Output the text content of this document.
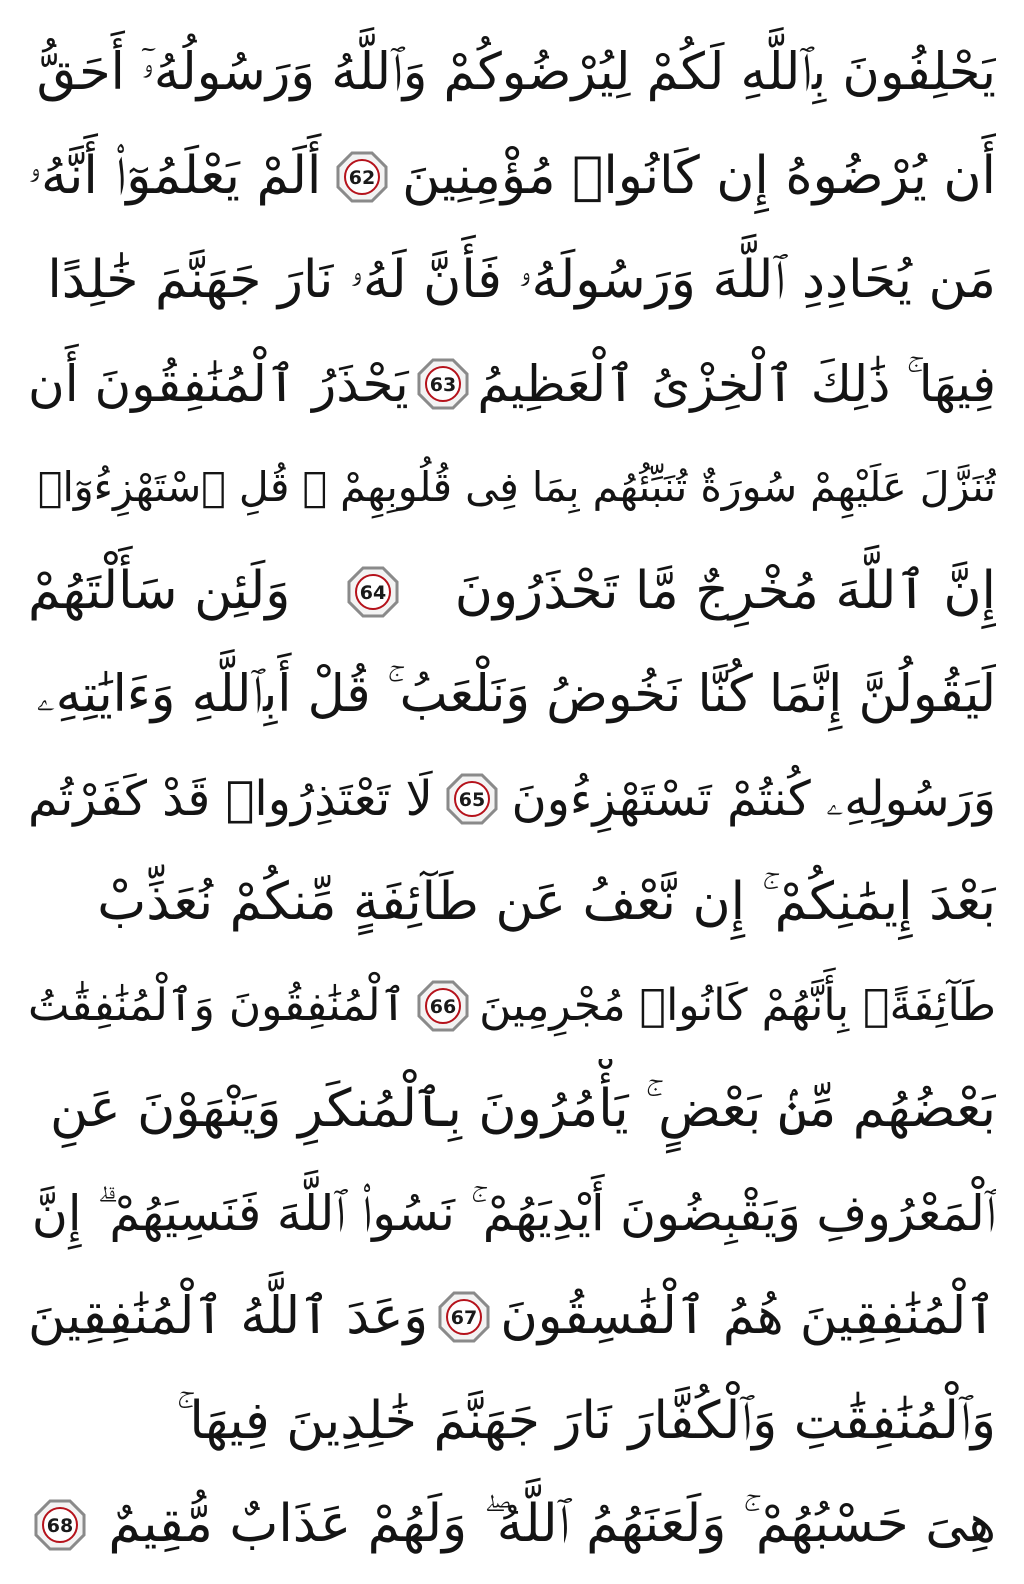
يَحْلِفُونَ بِٱللَّهِ لَكُمْ لِيُرْضُوكُمْ وَٱللَّهُ وَرَسُولُهُۥٓ أَحَقُّ
أَن يُرْضُوهُ إِن كَانُوا۟ مُؤْمِنِينَ
62
أَلَمْ يَعْلَمُوٓا۟ أَنَّهُۥ
مَن يُحَادِدِ ٱللَّهَ وَرَسُولَهُۥ فَأَنَّ لَهُۥ نَارَ جَهَنَّمَ خَٰلِدًا
فِيهَا ۚ ذَٰلِكَ ٱلْخِزْىُ ٱلْعَظِيمُ
63
يَحْذَرُ ٱلْمُنَٰفِقُونَ أَن
تُنَزَّلَ عَلَيْهِمْ سُورَةٌ تُنَبِّئُهُم بِمَا فِى قُلُوبِهِمْ ۚ قُلِ ٱسْتَهْزِءُوٓا۟
إِنَّ ٱللَّهَ مُخْرِجٌ مَّا تَحْذَرُونَ
64
وَلَئِن سَأَلْتَهُمْ
لَيَقُولُنَّ إِنَّمَا كُنَّا نَخُوضُ وَنَلْعَبُ ۚ قُلْ أَبِٱللَّهِ وَءَايَٰتِهِۦ
وَرَسُولِهِۦ كُنتُمْ تَسْتَهْزِءُونَ
65
لَا تَعْتَذِرُوا۟ قَدْ كَفَرْتُم
بَعْدَ إِيمَٰنِكُمْ ۚ إِن نَّعْفُ عَن طَآئِفَةٍ مِّنكُمْ نُعَذِّبْ
طَآئِفَةًۢ بِأَنَّهُمْ كَانُوا۟ مُجْرِمِينَ
66
ٱلْمُنَٰفِقُونَ وَٱلْمُنَٰفِقَٰتُ
بَعْضُهُم مِّنۢ بَعْضٍ ۚ يَأْمُرُونَ بِٱلْمُنكَرِ وَيَنْهَوْنَ عَنِ
ٱلْمَعْرُوفِ وَيَقْبِضُونَ أَيْدِيَهُمْ ۚ نَسُوا۟ ٱللَّهَ فَنَسِيَهُمْ ۗ إِنَّ
ٱلْمُنَٰفِقِينَ هُمُ ٱلْفَٰسِقُونَ
67
وَعَدَ ٱللَّهُ ٱلْمُنَٰفِقِينَ
وَٱلْمُنَٰفِقَٰتِ وَٱلْكُفَّارَ نَارَ جَهَنَّمَ خَٰلِدِينَ فِيهَا ۚ
هِىَ حَسْبُهُمْ ۚ وَلَعَنَهُمُ ٱللَّهُ ۖ وَلَهُمْ عَذَابٌ مُّقِيمٌ
68
